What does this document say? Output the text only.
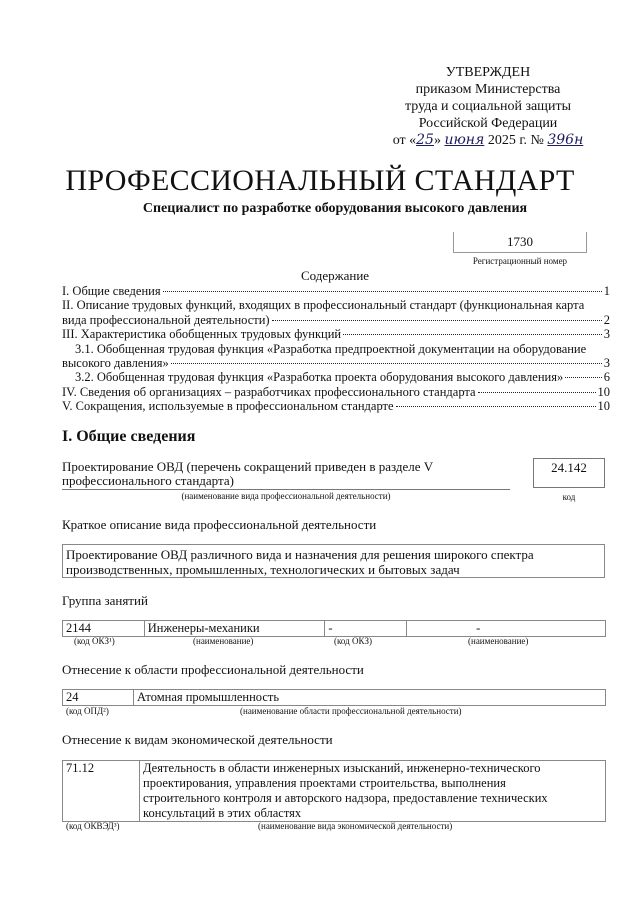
УТВЕРЖДЕН
приказом Министерства
труда и социальной защиты
Российской Федерации
от «25» июня 2025 г. № 396н
ПРОФЕССИОНАЛЬНЫЙ СТАНДАРТ
Специалист по разработке оборудования высокого давления
1730
Регистрационный номер
Содержание
I. Общие сведения	1
II. Описание трудовых функций, входящих в профессиональный стандарт (функциональная карта
вида профессиональной деятельности)	2
III. Характеристика обобщенных трудовых функций	3
3.1. Обобщенная трудовая функция «Разработка предпроектной документации на оборудование
высокого давления»	3
3.2. Обобщенная трудовая функция «Разработка проекта оборудования высокого давления»	6
IV. Сведения об организациях – разработчиках профессионального стандарта	10
V. Сокращения, используемые в профессиональном стандарте	10
I. Общие сведения
Проектирование ОВД (перечень сокращений приведен в разделе V профессионального стандарта)
(наименование вида профессиональной деятельности)
24.142
код
Краткое описание вида профессиональной деятельности
Проектирование ОВД различного вида и назначения для решения широкого спектра производственных, промышленных, технологических и бытовых задач
Группа занятий
2144	Инженеры-механики	-	-
(код ОКЗ¹)	(наименование)	(код ОКЗ)	(наименование)
Отнесение к области профессиональной деятельности
24	Атомная промышленность
(код ОПД²)	(наименование области профессиональной деятельности)
Отнесение к видам экономической деятельности
71.12	Деятельность в области инженерных изысканий, инженерно-технического проектирования, управления проектами строительства, выполнения строительного контроля и авторского надзора, предоставление технических консультаций в этих областях
(код ОКВЭД³)	(наименование вида экономической деятельности)
